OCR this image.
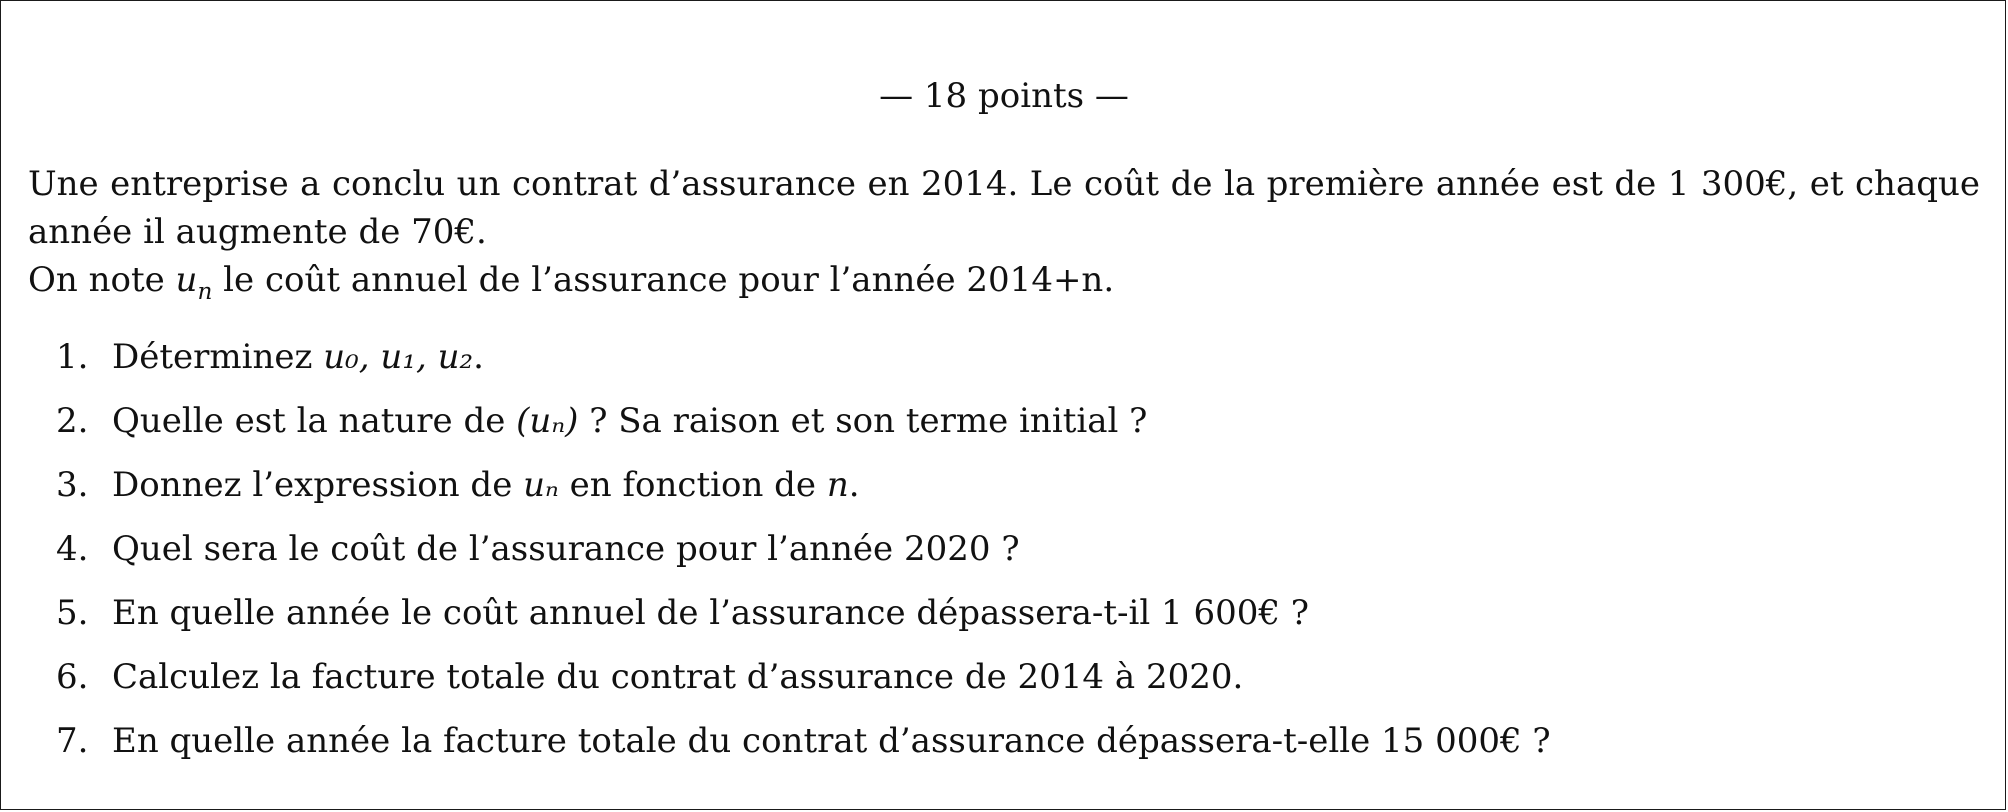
— 18 points —

Une entreprise a conclu un contrat d’assurance en 2014. Le coût de la première année est de 1 300€, et chaque année il augmente de 70€.

On note $u_n$ le coût annuel de l’assurance pour l’année 2014+n.

1. Déterminez u₀, u₁, u₂.
2. Quelle est la nature de (uₙ) ? Sa raison et son terme initial ?
3. Donnez l’expression de uₙ en fonction de n.
4. Quel sera le coût de l’assurance pour l’année 2020 ?
5. En quelle année le coût annuel de l’assurance dépassera-t-il 1 600€ ?
6. Calculez la facture totale du contrat d’assurance de 2014 à 2020.
7. En quelle année la facture totale du contrat d’assurance dépassera-t-elle 15 000€ ?
